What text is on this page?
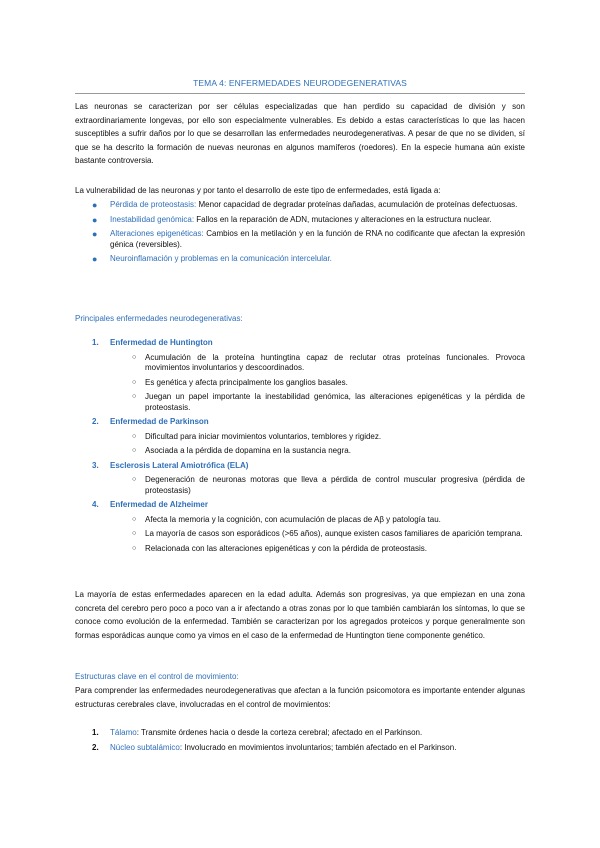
TEMA 4: ENFERMEDADES NEURODEGENERATIVAS
Las neuronas se caracterizan por ser células especializadas que han perdido su capacidad de división y son extraordinariamente longevas, por ello son especialmente vulnerables. Es debido a estas características lo que las hacen susceptibles a sufrir daños por lo que se desarrollan las enfermedades neurodegenerativas. A pesar de que no se dividen, sí que se ha descrito la formación de nuevas neuronas en algunos mamíferos (roedores). En la especie humana aún existe bastante controversia.
La vulnerabilidad de las neuronas y por tanto el desarrollo de este tipo de enfermedades, está ligada a:
● Pérdida de proteostasis: Menor capacidad de degradar proteínas dañadas, acumulación de proteínas defectuosas.
● Inestabilidad genómica: Fallos en la reparación de ADN, mutaciones y alteraciones en la estructura nuclear.
● Alteraciones epigenéticas: Cambios en la metilación y en la función de RNA no codificante que afectan la expresión génica (reversibles).
● Neuroinflamación y problemas en la comunicación intercelular.
Principales enfermedades neurodegenerativas:
1. Enfermedad de Huntington
○ Acumulación de la proteína huntingtina capaz de reclutar otras proteínas funcionales. Provoca movimientos involuntarios y descoordinados.
○ Es genética y afecta principalmente los ganglios basales.
○ Juegan un papel importante la inestabilidad genómica, las alteraciones epigenéticas y la pérdida de proteostasis.
2. Enfermedad de Parkinson
○ Dificultad para iniciar movimientos voluntarios, temblores y rigidez.
○ Asociada a la pérdida de dopamina en la sustancia negra.
3. Esclerosis Lateral Amiotrófica (ELA)
○ Degeneración de neuronas motoras que lleva a pérdida de control muscular progresiva (pérdida de proteostasis)
4. Enfermedad de Alzheimer
○ Afecta la memoria y la cognición, con acumulación de placas de Aβ y patología tau.
○ La mayoría de casos son esporádicos (>65 años), aunque existen casos familiares de aparición temprana.
○ Relacionada con las alteraciones epigenéticas y con la pérdida de proteostasis.
La mayoría de estas enfermedades aparecen en la edad adulta. Además son progresivas, ya que empiezan en una zona concreta del cerebro pero poco a poco van a ir afectando a otras zonas por lo que también cambiarán los síntomas, lo que se conoce como evolución de la enfermedad. También se caracterizan por los agregados proteicos y porque generalmente son formas esporádicas aunque como ya vimos en el caso de la enfermedad de Huntington tiene componente genético.
Estructuras clave en el control de movimiento:
Para comprender las enfermedades neurodegenerativas que afectan a la función psicomotora es importante entender algunas estructuras cerebrales clave, involucradas en el control de movimientos:
1. Tálamo: Transmite órdenes hacia o desde la corteza cerebral; afectado en el Parkinson.
2. Núcleo subtalámico: Involucrado en movimientos involuntarios; también afectado en el Parkinson.
